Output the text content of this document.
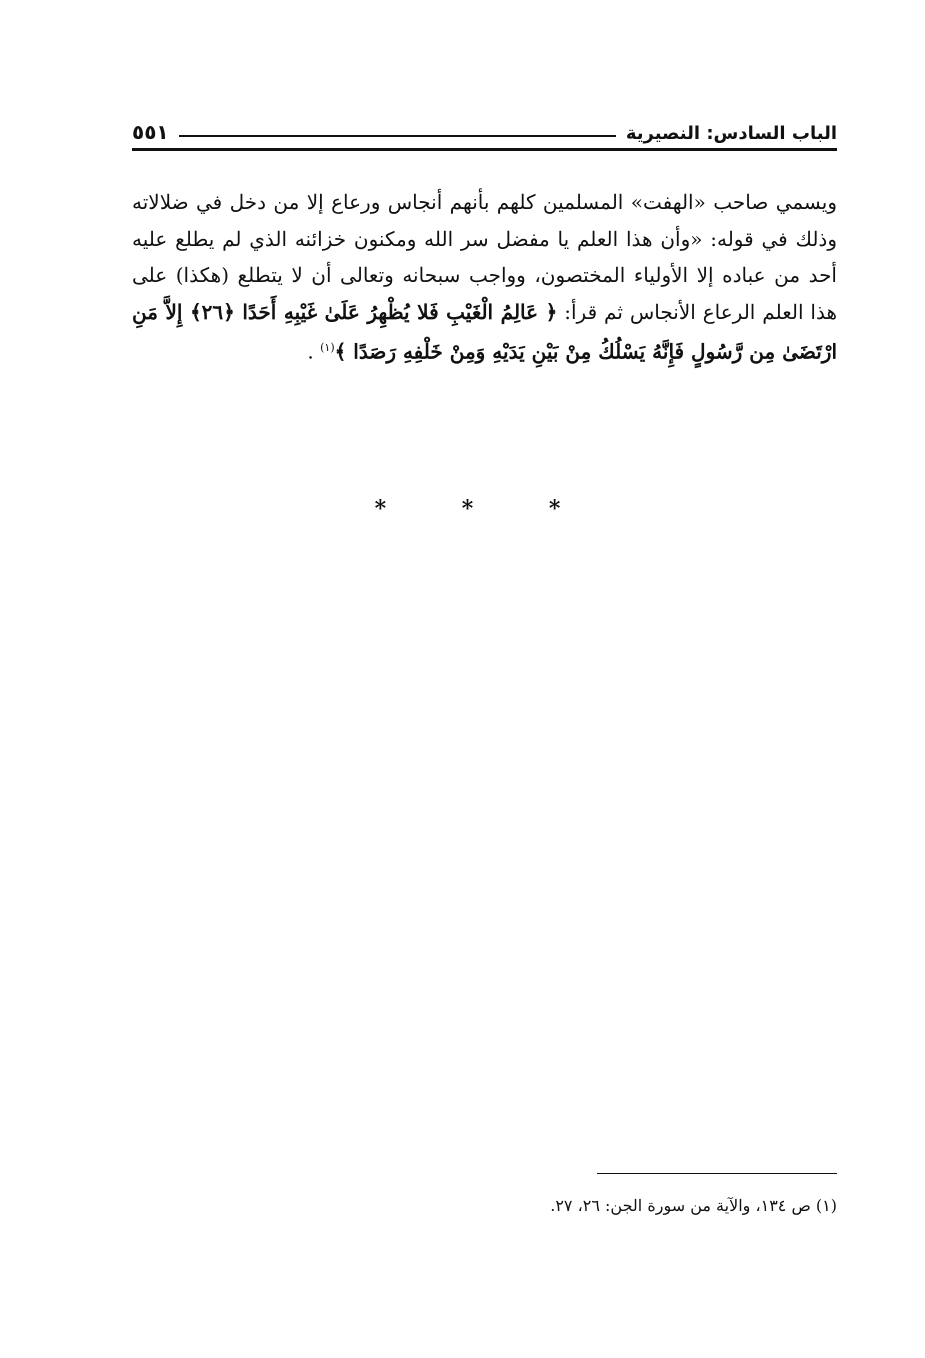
الباب السادس: النصيرية
٥٥١

ويسمي صاحب «الهفت» المسلمين كلهم بأنهم أنجاس ورعاع إلا من دخل في ضلالاته وذلك في قوله: «وأن هذا العلم يا مفضل سر الله ومكنون خزائنه الذي لم يطلع عليه أحد من عباده إلا الأولياء المختصون، وواجب سبحانه وتعالى أن لا يتطلع (هكذا) على هذا العلم الرعاع الأنجاس ثم قرأ: ﴿ عَالِمُ الْغَيْبِ فَلا يُظْهِرُ عَلَىٰ غَيْبِهِ أَحَدًا ﴿٢٦﴾ إِلاَّ مَنِ ارْتَضَىٰ مِن رَّسُولٍ فَإِنَّهُ يَسْلُكُ مِنْ بَيْنِ يَدَيْهِ وَمِنْ خَلْفِهِ رَصَدًا ﴾$^{(١)}$ .

* * *
(١) ص ١٣٤، والآية من سورة الجن: ٢٦، ٢٧.
